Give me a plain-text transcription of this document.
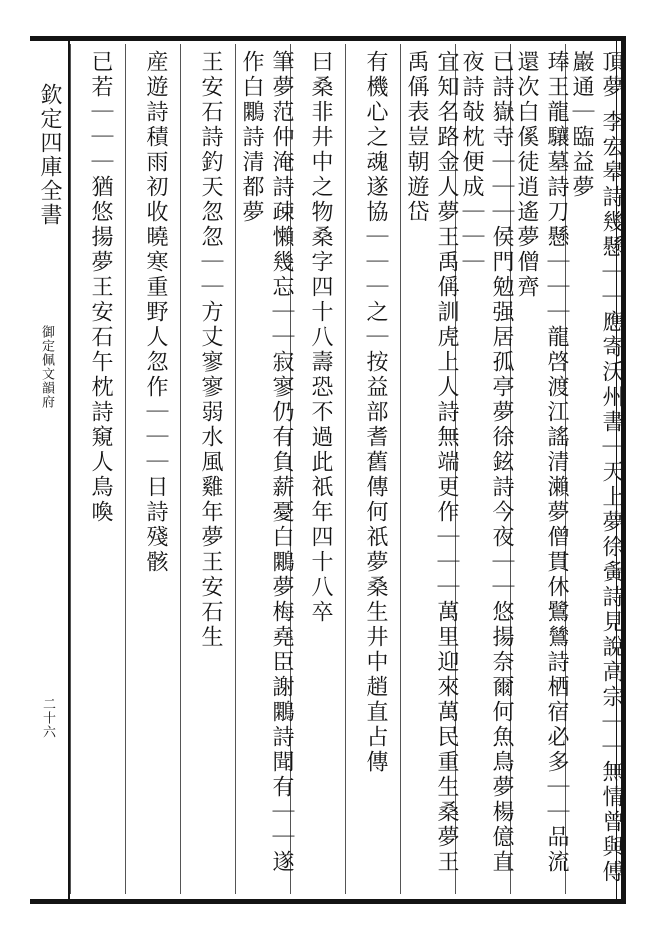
欽定四庫全書
御定佩文韻府
二十六	頂夢 李宏皋詩幾懸｜｜應寄沃州書｜天上夢徐夤詩見說高宗｜｜無情曾與傅巖通｜臨益夢
琫王龍驤墓詩刀懸｜｜｜龍啓渡江謠清瀨夢僧貫休鷺鷥詩栖宿必多｜｜品流還次白傒徒逍遙夢僧齊
已詩嶽寺｜｜｜侯門勉强居孤亭夢徐鉉詩今夜｜｜悠揚奈爾何魚鳥夢楊億直夜詩敧枕便成｜｜｜
宜知名路金人夢王禹偁訓虎上人詩無端更作｜｜｜萬里迎來萬民重生桑夢王禹偁表豈朝遊岱
有機心之魂遂協｜｜｜之｜按益部耆舊傳何祇夢桑生井中趙直占傳
曰桑非井中之物桑字四十八壽恐不過此祇年四十八卒
筆夢范仲淹詩疎懶幾忘｜｜寂寥仍有負薪憂白鷴夢梅堯臣謝鷴詩聞有｜｜遂作白鷴詩清都夢
王安石詩釣天忽忽｜｜方丈寥寥弱水風雞年夢王安石生
産遊詩積雨初收曉寒重野人忽作｜｜｜日詩殘骸
已若｜｜｜猶悠揚夢王安石午枕詩窺人鳥喚
